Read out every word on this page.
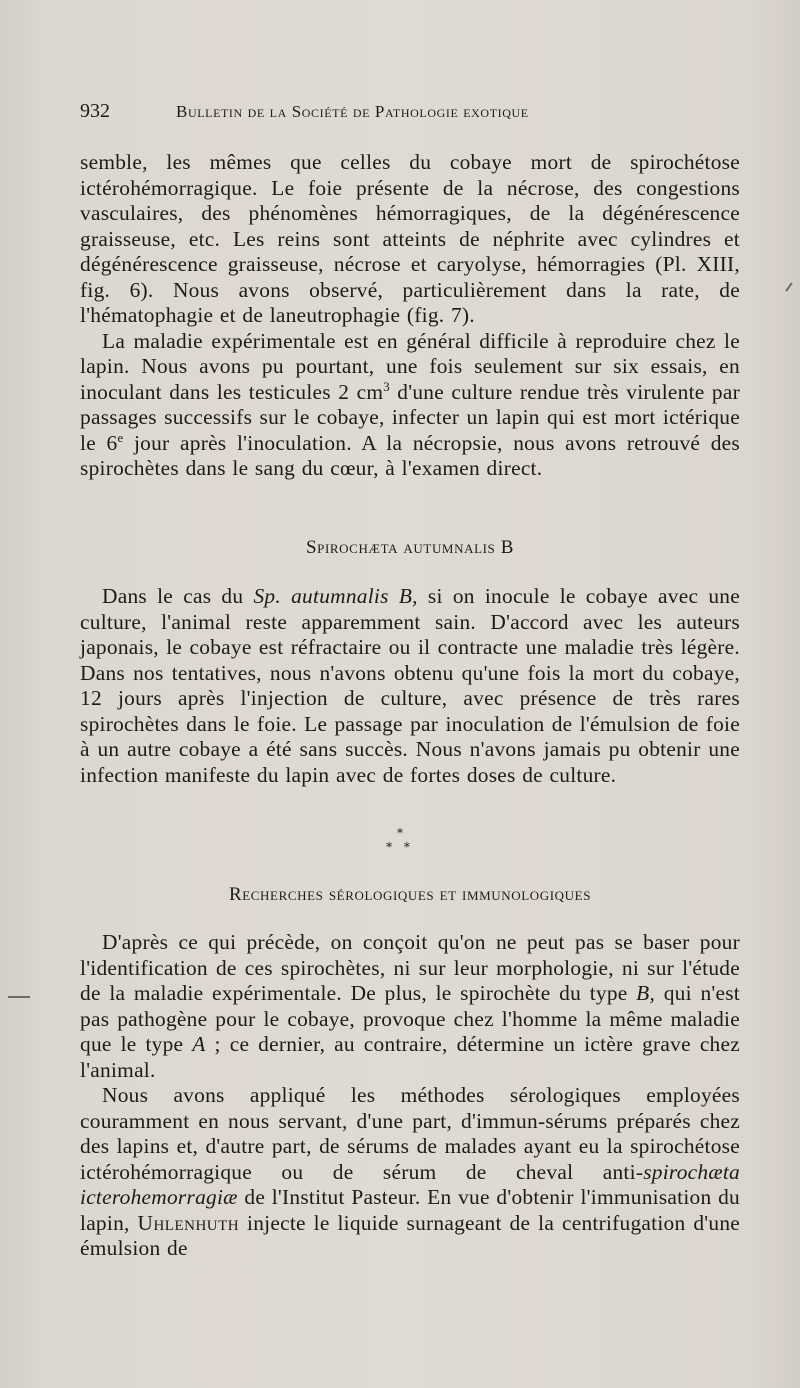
932	Bulletin de la Société de Pathologie exotique

semble, les mêmes que celles du cobaye mort de spirochétose ictérohémorragique. Le foie présente de la nécrose, des congestions vasculaires, des phénomènes hémorragiques, de la dégénérescence graisseuse, etc. Les reins sont atteints de néphrite avec cylindres et dégénérescence graisseuse, nécrose et caryolyse, hémorragies (Pl. XIII, fig. 6). Nous avons observé, particulièrement dans la rate, de l'hématophagie et de laneutrophagie (fig. 7).

La maladie expérimentale est en général difficile à reproduire chez le lapin. Nous avons pu pourtant, une fois seulement sur six essais, en inoculant dans les testicules 2 $cm^3$ d'une culture rendue très virulente par passages successifs sur le cobaye, infecter un lapin qui est mort ictérique le 6e jour après l'inoculation. A la nécropsie, nous avons retrouvé des spirochètes dans le sang du cœur, à l'examen direct.

Spirochæta autumnalis B

Dans le cas du Sp. autumnalis B, si on inocule le cobaye avec une culture, l'animal reste apparemment sain. D'accord avec les auteurs japonais, le cobaye est réfractaire ou il contracte une maladie très légère. Dans nos tentatives, nous n'avons obtenu qu'une fois la mort du cobaye, 12 jours après l'injection de culture, avec présence de très rares spirochètes dans le foie. Le passage par inoculation de l'émulsion de foie à un autre cobaye a été sans succès. Nous n'avons jamais pu obtenir une infection manifeste du lapin avec de fortes doses de culture.

*
* *
Recherches sérologiques et immunologiques

D'après ce qui précède, on conçoit qu'on ne peut pas se baser pour l'identification de ces spirochètes, ni sur leur morphologie, ni sur l'étude de la maladie expérimentale. De plus, le spirochète du type B, qui n'est pas pathogène pour le cobaye, provoque chez l'homme la même maladie que le type A ; ce dernier, au contraire, détermine un ictère grave chez l'animal.

Nous avons appliqué les méthodes sérologiques employées couramment en nous servant, d'une part, d'immun-sérums préparés chez des lapins et, d'autre part, de sérums de malades ayant eu la spirochétose ictérohémorragique ou de sérum de cheval anti-spirochæta icterohemorragiæ de l'Institut Pasteur. En vue d'obtenir l'immunisation du lapin, Uhlenhuth injecte le liquide surnageant de la centrifugation d'une émulsion de
